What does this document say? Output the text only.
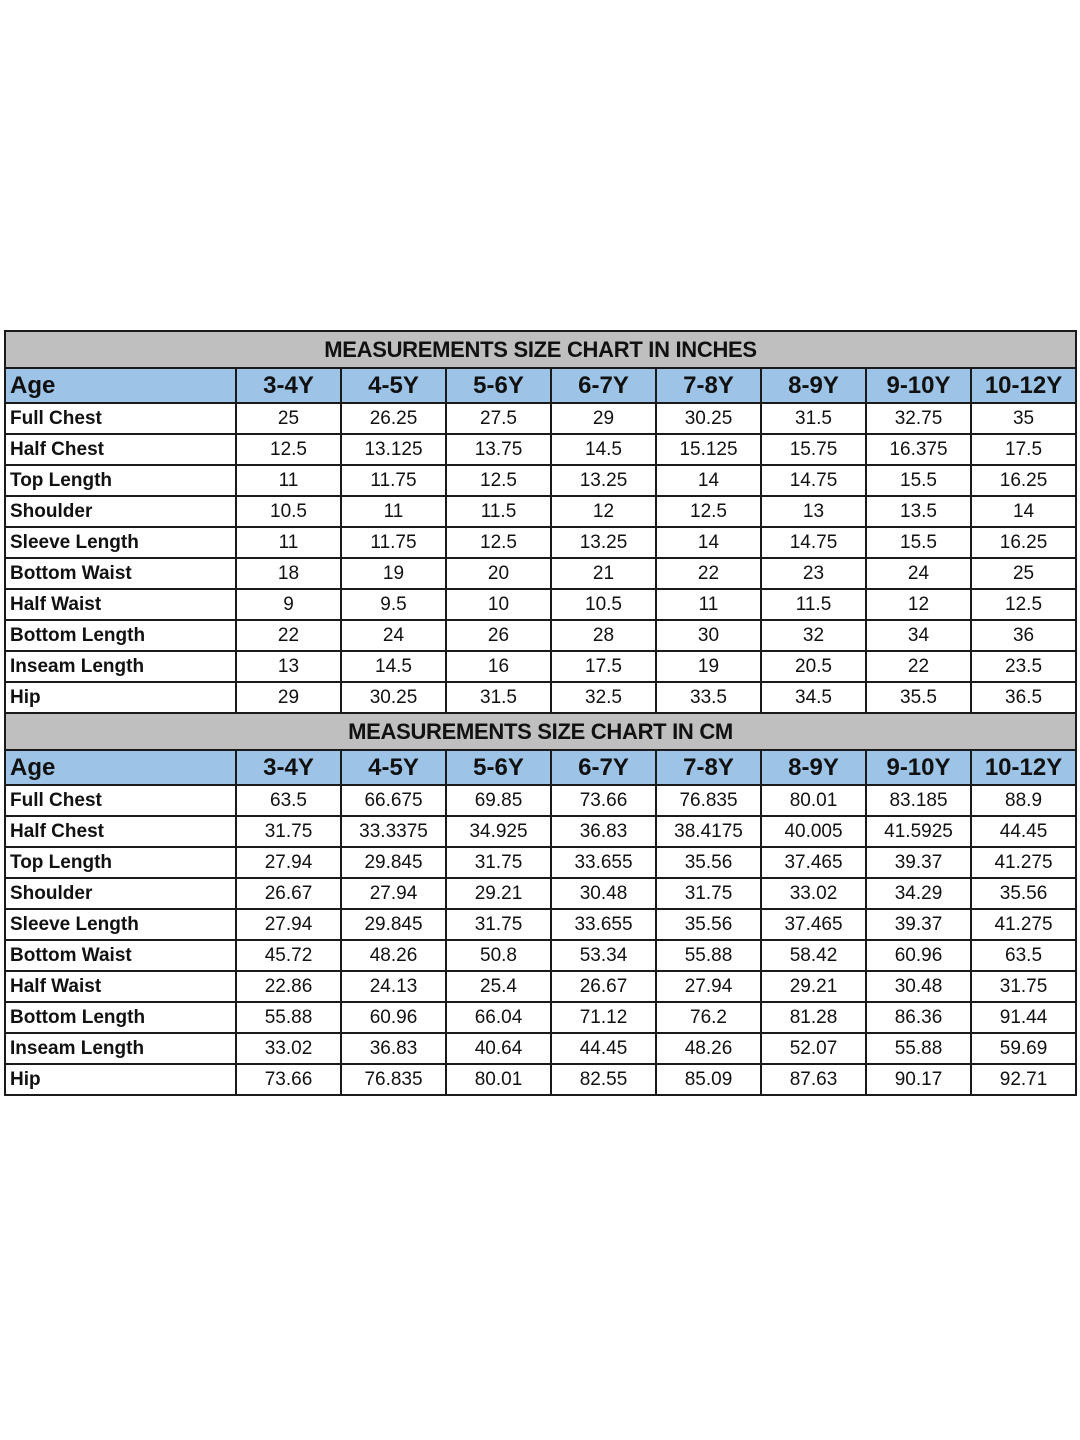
MEASUREMENTS SIZE CHART IN INCHES								
Age	3-4Y	4-5Y	5-6Y	6-7Y	7-8Y	8-9Y	9-10Y	10-12Y
Full Chest	25	26.25	27.5	29	30.25	31.5	32.75	35
Half Chest	12.5	13.125	13.75	14.5	15.125	15.75	16.375	17.5
Top Length	11	11.75	12.5	13.25	14	14.75	15.5	16.25
Shoulder	10.5	11	11.5	12	12.5	13	13.5	14
Sleeve Length	11	11.75	12.5	13.25	14	14.75	15.5	16.25
Bottom Waist	18	19	20	21	22	23	24	25
Half Waist	9	9.5	10	10.5	11	11.5	12	12.5
Bottom Length	22	24	26	28	30	32	34	36
Inseam Length	13	14.5	16	17.5	19	20.5	22	23.5
Hip	29	30.25	31.5	32.5	33.5	34.5	35.5	36.5
MEASUREMENTS SIZE CHART IN CM								
Age	3-4Y	4-5Y	5-6Y	6-7Y	7-8Y	8-9Y	9-10Y	10-12Y
Full Chest	63.5	66.675	69.85	73.66	76.835	80.01	83.185	88.9
Half Chest	31.75	33.3375	34.925	36.83	38.4175	40.005	41.5925	44.45
Top Length	27.94	29.845	31.75	33.655	35.56	37.465	39.37	41.275
Shoulder	26.67	27.94	29.21	30.48	31.75	33.02	34.29	35.56
Sleeve Length	27.94	29.845	31.75	33.655	35.56	37.465	39.37	41.275
Bottom Waist	45.72	48.26	50.8	53.34	55.88	58.42	60.96	63.5
Half Waist	22.86	24.13	25.4	26.67	27.94	29.21	30.48	31.75
Bottom Length	55.88	60.96	66.04	71.12	76.2	81.28	86.36	91.44
Inseam Length	33.02	36.83	40.64	44.45	48.26	52.07	55.88	59.69
Hip	73.66	76.835	80.01	82.55	85.09	87.63	90.17	92.71
